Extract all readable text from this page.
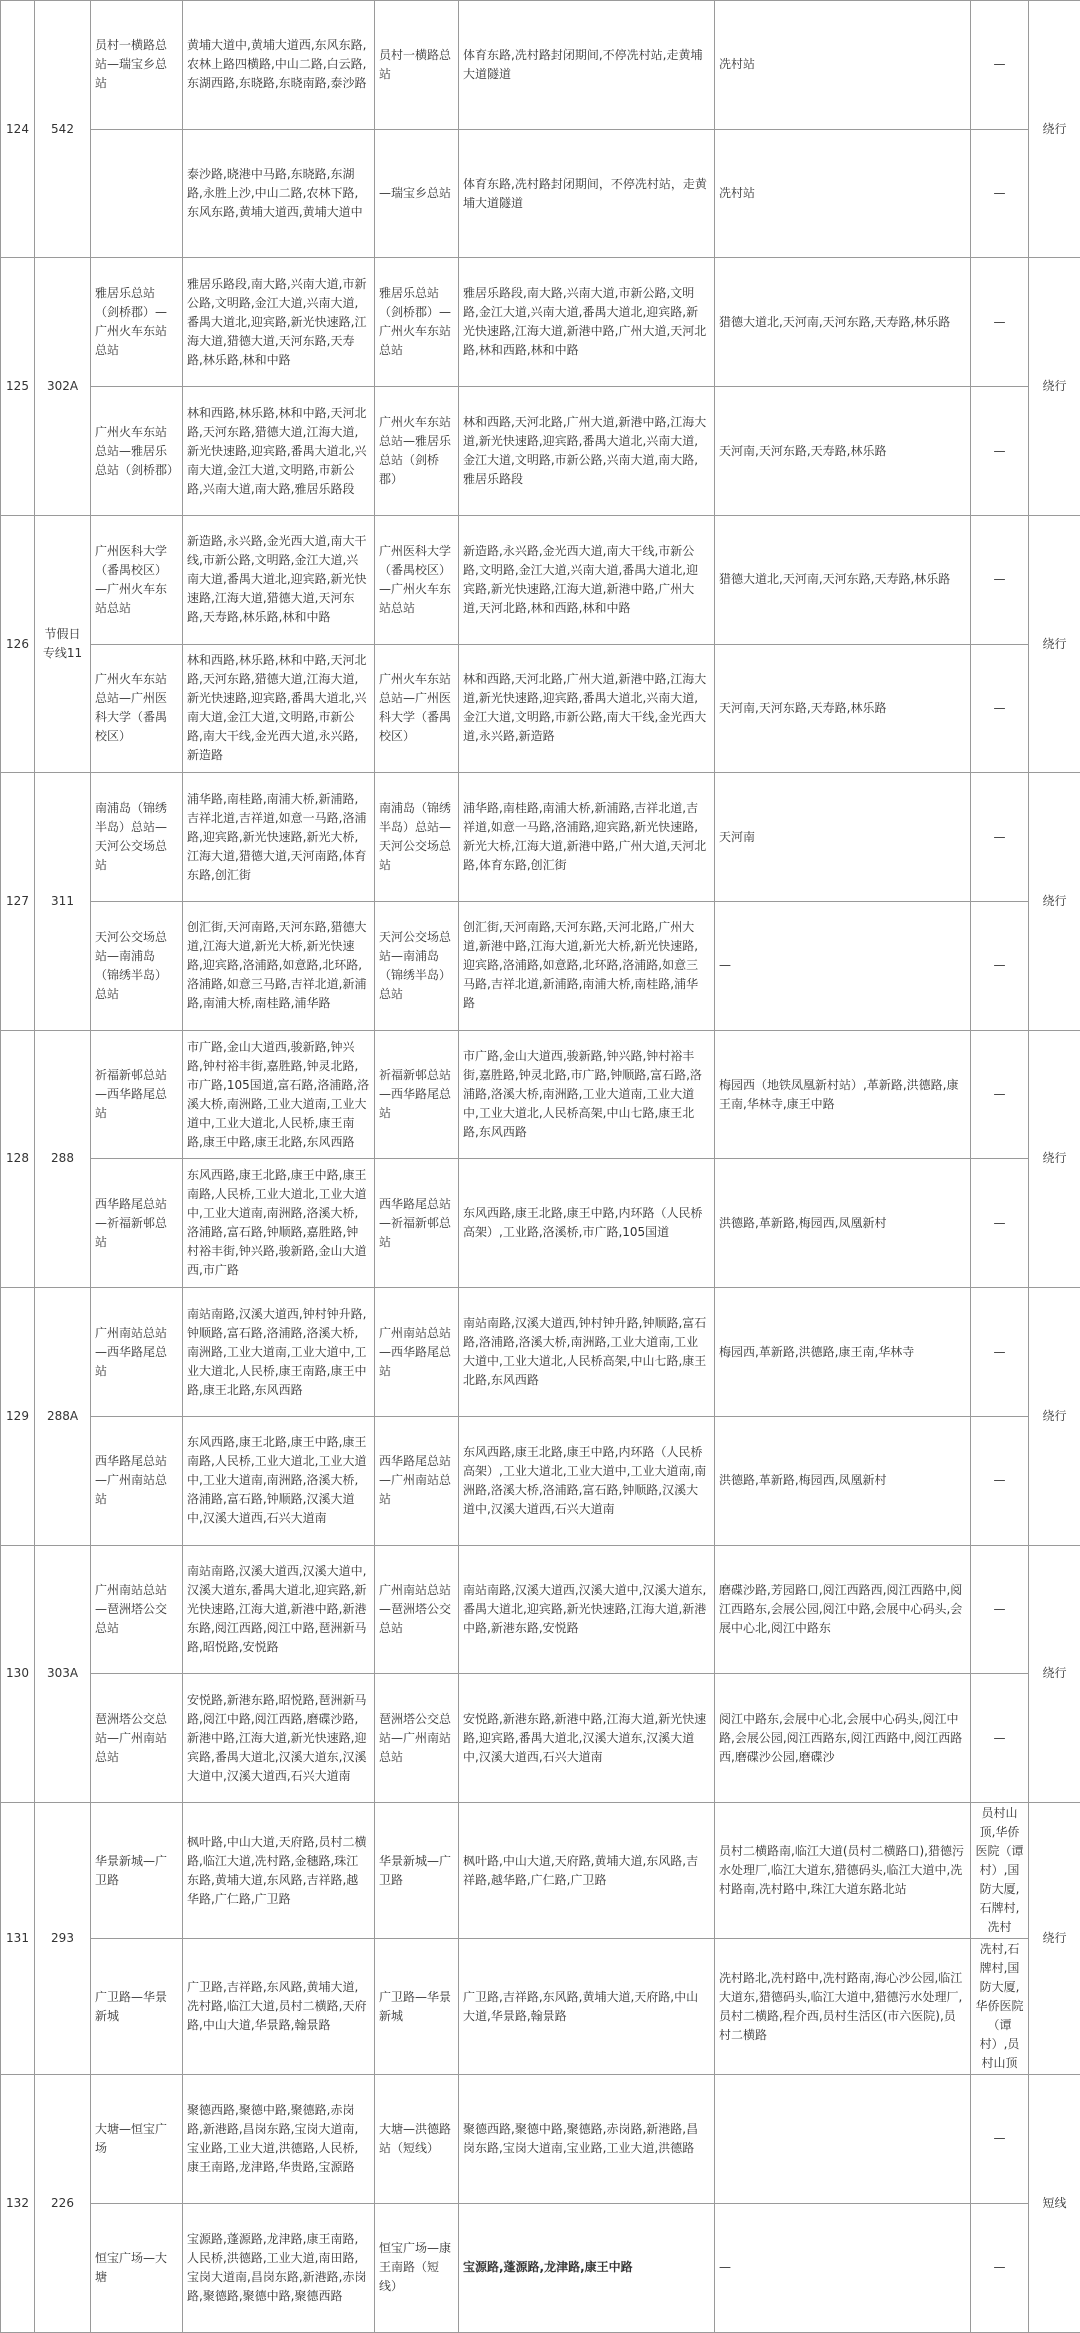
124	542	员村一横路总站—瑞宝乡总站	黄埔大道中,黄埔大道西,东风东路,农林上路四横路,中山二路,白云路,东湖西路,东晓路,东晓南路,泰沙路	员村一横路总站	体育东路,冼村路封闭期间,不停冼村站,走黄埔大道隧道	冼村站	—	绕行
			泰沙路,晓港中马路,东晓路,东湖路,永胜上沙,中山二路,农林下路,东风东路,黄埔大道西,黄埔大道中	—瑞宝乡总站	体育东路,冼村路封闭期间，不停冼村站，走黄埔大道隧道	冼村站	—	
125	302A	雅居乐总站（剑桥郡）—广州火车东站总站	雅居乐路段,南大路,兴南大道,市新公路,文明路,金江大道,兴南大道,番禺大道北,迎宾路,新光快速路,江海大道,猎德大道,天河东路,天寿路,林乐路,林和中路	雅居乐总站（剑桥郡）—广州火车东站总站	雅居乐路段,南大路,兴南大道,市新公路,文明路,金江大道,兴南大道,番禺大道北,迎宾路,新光快速路,江海大道,新港中路,广州大道,天河北路,林和西路,林和中路	猎德大道北,天河南,天河东路,天寿路,林乐路	—	绕行
		广州火车东站总站—雅居乐总站（剑桥郡）	林和西路,林乐路,林和中路,天河北路,天河东路,猎德大道,江海大道,新光快速路,迎宾路,番禺大道北,兴南大道,金江大道,文明路,市新公路,兴南大道,南大路,雅居乐路段	广州火车东站总站—雅居乐总站（剑桥郡）	林和西路,天河北路,广州大道,新港中路,江海大道,新光快速路,迎宾路,番禺大道北,兴南大道,金江大道,文明路,市新公路,兴南大道,南大路,雅居乐路段	天河南,天河东路,天寿路,林乐路	—	
126	节假日专线11	广州医科大学（番禺校区）—广州火车东站总站	新造路,永兴路,金光西大道,南大干线,市新公路,文明路,金江大道,兴南大道,番禺大道北,迎宾路,新光快速路,江海大道,猎德大道,天河东路,天寿路,林乐路,林和中路	广州医科大学（番禺校区）—广州火车东站总站	新造路,永兴路,金光西大道,南大干线,市新公路,文明路,金江大道,兴南大道,番禺大道北,迎宾路,新光快速路,江海大道,新港中路,广州大道,天河北路,林和西路,林和中路	猎德大道北,天河南,天河东路,天寿路,林乐路	—	绕行
		广州火车东站总站—广州医科大学（番禺校区）	林和西路,林乐路,林和中路,天河北路,天河东路,猎德大道,江海大道,新光快速路,迎宾路,番禺大道北,兴南大道,金江大道,文明路,市新公路,南大干线,金光西大道,永兴路,新造路	广州火车东站总站—广州医科大学（番禺校区）	林和西路,天河北路,广州大道,新港中路,江海大道,新光快速路,迎宾路,番禺大道北,兴南大道,金江大道,文明路,市新公路,南大干线,金光西大道,永兴路,新造路	天河南,天河东路,天寿路,林乐路	—	
127	311	南浦岛（锦绣半岛）总站—天河公交场总站	浦华路,南桂路,南浦大桥,新浦路,吉祥北道,吉祥道,如意一马路,洛浦路,迎宾路,新光快速路,新光大桥,江海大道,猎德大道,天河南路,体育东路,创汇街	南浦岛（锦绣半岛）总站—天河公交场总站	浦华路,南桂路,南浦大桥,新浦路,吉祥北道,吉祥道,如意一马路,洛浦路,迎宾路,新光快速路,新光大桥,江海大道,新港中路,广州大道,天河北路,体育东路,创汇街	天河南	—	绕行
		天河公交场总站—南浦岛（锦绣半岛）总站	创汇街,天河南路,天河东路,猎德大道,江海大道,新光大桥,新光快速路,迎宾路,洛浦路,如意路,北环路,洛浦路,如意三马路,吉祥北道,新浦路,南浦大桥,南桂路,浦华路	天河公交场总站—南浦岛（锦绣半岛）总站	创汇街,天河南路,天河东路,天河北路,广州大道,新港中路,江海大道,新光大桥,新光快速路,迎宾路,洛浦路,如意路,北环路,洛浦路,如意三马路,吉祥北道,新浦路,南浦大桥,南桂路,浦华路	—	—	
128	288	祈福新邨总站—西华路尾总站	市广路,金山大道西,骏新路,钟兴路,钟村裕丰街,嘉胜路,钟灵北路,市广路,105国道,富石路,洛浦路,洛溪大桥,南洲路,工业大道南,工业大道中,工业大道北,人民桥,康王南路,康王中路,康王北路,东风西路	祈福新邨总站—西华路尾总站	市广路,金山大道西,骏新路,钟兴路,钟村裕丰街,嘉胜路,钟灵北路,市广路,钟顺路,富石路,洛浦路,洛溪大桥,南洲路,工业大道南,工业大道中,工业大道北,人民桥高架,中山七路,康王北路,东风西路	梅园西（地铁凤凰新村站）,革新路,洪德路,康王南,华林寺,康王中路	—	绕行
		西华路尾总站—祈福新邨总站	东风西路,康王北路,康王中路,康王南路,人民桥,工业大道北,工业大道中,工业大道南,南洲路,洛溪大桥,洛浦路,富石路,钟顺路,嘉胜路,钟村裕丰街,钟兴路,骏新路,金山大道西,市广路	西华路尾总站—祈福新邨总站	东风西路,康王北路,康王中路,内环路（人民桥高架）,工业路,洛溪桥,市广路,105国道	洪德路,革新路,梅园西,凤凰新村	—	
129	288A	广州南站总站—西华路尾总站	南站南路,汉溪大道西,钟村钟升路,钟顺路,富石路,洛浦路,洛溪大桥,南洲路,工业大道南,工业大道中,工业大道北,人民桥,康王南路,康王中路,康王北路,东风西路	广州南站总站—西华路尾总站	南站南路,汉溪大道西,钟村钟升路,钟顺路,富石路,洛浦路,洛溪大桥,南洲路,工业大道南,工业大道中,工业大道北,人民桥高架,中山七路,康王北路,东风西路	梅园西,革新路,洪德路,康王南,华林寺	—	绕行
		西华路尾总站—广州南站总站	东风西路,康王北路,康王中路,康王南路,人民桥,工业大道北,工业大道中,工业大道南,南洲路,洛溪大桥,洛浦路,富石路,钟顺路,汉溪大道中,汉溪大道西,石兴大道南	西华路尾总站—广州南站总站	东风西路,康王北路,康王中路,内环路（人民桥高架）,工业大道北,工业大道中,工业大道南,南洲路,洛溪大桥,洛浦路,富石路,钟顺路,汉溪大道中,汉溪大道西,石兴大道南	洪德路,革新路,梅园西,凤凰新村	—	
130	303A	广州南站总站—琶洲塔公交总站	南站南路,汉溪大道西,汉溪大道中,汉溪大道东,番禺大道北,迎宾路,新光快速路,江海大道,新港中路,新港东路,阅江西路,阅江中路,琶洲新马路,昭悦路,安悦路	广州南站总站—琶洲塔公交总站	南站南路,汉溪大道西,汉溪大道中,汉溪大道东,番禺大道北,迎宾路,新光快速路,江海大道,新港中路,新港东路,安悦路	磨碟沙路,芳园路口,阅江西路西,阅江西路中,阅江西路东,会展公园,阅江中路,会展中心码头,会展中心北,阅江中路东	—	绕行
		琶洲塔公交总站—广州南站总站	安悦路,新港东路,昭悦路,琶洲新马路,阅江中路,阅江西路,磨碟沙路,新港中路,江海大道,新光快速路,迎宾路,番禺大道北,汉溪大道东,汉溪大道中,汉溪大道西,石兴大道南	琶洲塔公交总站—广州南站总站	安悦路,新港东路,新港中路,江海大道,新光快速路,迎宾路,番禺大道北,汉溪大道东,汉溪大道中,汉溪大道西,石兴大道南	阅江中路东,会展中心北,会展中心码头,阅江中路,会展公园,阅江西路东,阅江西路中,阅江西路西,磨碟沙公园,磨碟沙	—	
131	293	华景新城—广卫路	枫叶路,中山大道,天府路,员村二横路,临江大道,冼村路,金穗路,珠江东路,黄埔大道,东风路,吉祥路,越华路,广仁路,广卫路	华景新城—广卫路	枫叶路,中山大道,天府路,黄埔大道,东风路,吉祥路,越华路,广仁路,广卫路	员村二横路南,临江大道(员村二横路口),猎德污水处理厂,临江大道东,猎德码头,临江大道中,冼村路南,冼村路中,珠江大道东路北站	员村山顶,华侨医院（谭村）,国防大厦,石牌村,冼村	绕行
		广卫路—华景新城	广卫路,吉祥路,东风路,黄埔大道,冼村路,临江大道,员村二横路,天府路,中山大道,华景路,翰景路	广卫路—华景新城	广卫路,吉祥路,东风路,黄埔大道,天府路,中山大道,华景路,翰景路	冼村路北,冼村路中,冼村路南,海心沙公园,临江大道东,猎德码头,临江大道中,猎德污水处理厂,员村二横路,程介西,员村生活区(市六医院),员村二横路	冼村,石牌村,国防大厦,华侨医院（谭村）,员村山顶	
132	226	大塘—恒宝广场	聚德西路,聚德中路,聚德路,赤岗路,新港路,昌岗东路,宝岗大道南,宝业路,工业大道,洪德路,人民桥,康王南路,龙津路,华贵路,宝源路	大塘—洪德路站（短线）	聚德西路,聚德中路,聚德路,赤岗路,新港路,昌岗东路,宝岗大道南,宝业路,工业大道,洪德路		—	短线
		恒宝广场—大塘	宝源路,蓬源路,龙津路,康王南路,人民桥,洪德路,工业大道,南田路,宝岗大道南,昌岗东路,新港路,赤岗路,聚德路,聚德中路,聚德西路	恒宝广场—康王南路（短线）	宝源路,蓬源路,龙津路,康王中路	—	—	
